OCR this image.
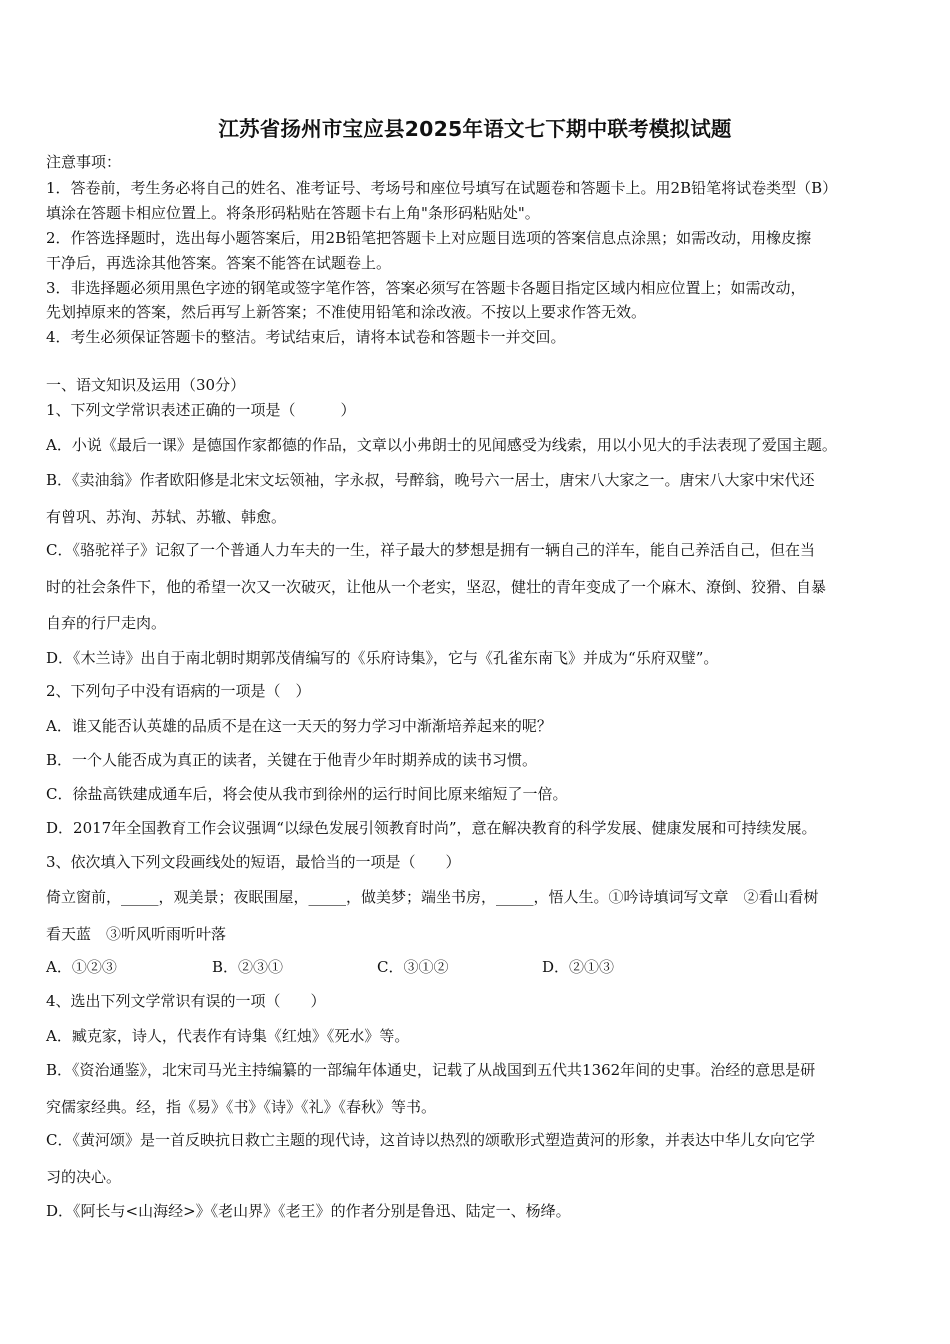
江苏省扬州市宝应县2025年语文七下期中联考模拟试题
注意事项：
1．答卷前，考生务必将自己的姓名、准考证号、考场号和座位号填写在试题卷和答题卡上。用2B铅笔将试卷类型（B）
填涂在答题卡相应位置上。将条形码粘贴在答题卡右上角"条形码粘贴处"。
2．作答选择题时，选出每小题答案后，用2B铅笔把答题卡上对应题目选项的答案信息点涂黑；如需改动，用橡皮擦
干净后，再选涂其他答案。答案不能答在试题卷上。
3．非选择题必须用黑色字迹的钢笔或签字笔作答，答案必须写在答题卡各题目指定区域内相应位置上；如需改动，
先划掉原来的答案，然后再写上新答案；不准使用铅笔和涂改液。不按以上要求作答无效。
4．考生必须保证答题卡的整洁。考试结束后，请将本试卷和答题卡一并交回。
一、语文知识及运用（30分）
1、下列文学常识表述正确的一项是（　　　）
A．小说《最后一课》是德国作家都德的作品，文章以小弗朗士的见闻感受为线索，用以小见大的手法表现了爱国主题。
B．《卖油翁》作者欧阳修是北宋文坛领袖，字永叔，号醉翁，晚号六一居士，唐宋八大家之一。唐宋八大家中宋代还
有曾巩、苏洵、苏轼、苏辙、韩愈。
C．《骆驼祥子》记叙了一个普通人力车夫的一生，祥子最大的梦想是拥有一辆自己的洋车，能自己养活自己，但在当
时的社会条件下，他的希望一次又一次破灭，让他从一个老实，坚忍，健壮的青年变成了一个麻木、潦倒、狡猾、自暴
自弃的行尸走肉。
D．《木兰诗》出自于南北朝时期郭茂倩编写的《乐府诗集》，它与《孔雀东南飞》并成为“乐府双璧”。
2、下列句子中没有语病的一项是（　）
A．谁又能否认英雄的品质不是在这一天天的努力学习中渐渐培养起来的呢？
B．一个人能否成为真正的读者，关键在于他青少年时期养成的读书习惯。
C．徐盐高铁建成通车后，将会使从我市到徐州的运行时间比原来缩短了一倍。
D．2017年全国教育工作会议强调“以绿色发展引领教育时尚”，意在解决教育的科学发展、健康发展和可持续发展。
3、依次填入下列文段画线处的短语，最恰当的一项是（　　）
倚立窗前，_____，观美景；夜眠围屋，_____，做美梦；端坐书房，_____，悟人生。①吟诗填词写文章　②看山看树
看天蓝　③听风听雨听叶落
A．①②③	B．②③①	C．③①②	D．②①③
4、选出下列文学常识有误的一项（　　）
A．臧克家，诗人，代表作有诗集《红烛》《死水》等。
B．《资治通鉴》，北宋司马光主持编纂的一部编年体通史，记载了从战国到五代共1362年间的史事。治经的意思是研
究儒家经典。经，指《易》《书》《诗》《礼》《春秋》等书。
C．《黄河颂》是一首反映抗日救亡主题的现代诗，这首诗以热烈的颂歌形式塑造黄河的形象，并表达中华儿女向它学
习的决心。
D．《阿长与<山海经>》《老山界》《老王》的作者分别是鲁迅、陆定一、杨绛。
